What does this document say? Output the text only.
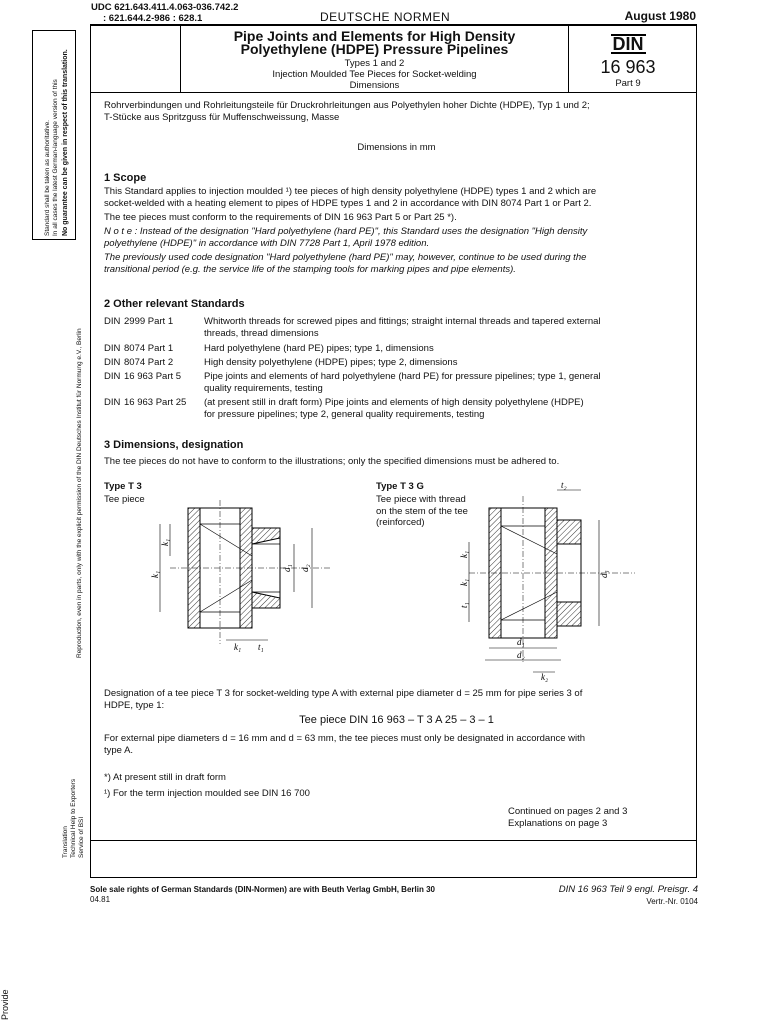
UDC 621.643.411.4.063-036.742.2
: 621.644.2-986 : 628.1	DEUTSCHE NORMEN	August 1980
Pipe Joints and Elements for High Density
Polyethylene (HDPE) Pressure Pipelines
Types 1 and 2
Injection Moulded Tee Pieces for Socket-welding
Dimensions
DIN
16 963
Part 9
No guarantee can be given in respect of this translation.
In all cases the latest German-language version of this
Standard shall be taken as authoritative.
Reproduction, even in parts, only with the explicit permission of the DIN Deutsches Institut für Normung e.V., Berlin
Translation Technical Help to Exporters Service of BSI
Provide
Rohrverbindungen und Rohrleitungsteile für Druckrohrleitungen aus Polyethylen hoher Dichte (HDPE), Typ 1 und 2;
T-Stücke aus Spritzguss für Muffenschweissung, Masse
Dimensions in mm
1 Scope
This Standard applies to injection moulded ¹) tee pieces of high density polyethylene (HDPE) types 1 and 2 which are
socket-welded with a heating element to pipes of HDPE types 1 and 2 in accordance with DIN 8074 Part 1 or Part 2.
The tee pieces must conform to the requirements of DIN 16 963 Part 5 or Part 25 *).
N o t e : Instead of the designation "Hard polyethylene (hard PE)", this Standard uses the designation "High density
polyethylene (HDPE)" in accordance with DIN 7728 Part 1, April 1978 edition.
The previously used code designation "Hard polyethylene (hard PE)" may, however, continue to be used during the
transitional period (e.g. the service life of the stamping tools for marking pipes and pipe elements).
2 Other relevant Standards
DIN 2999 Part 1	Whitworth threads for screwed pipes and fittings; straight internal threads and tapered external
threads, thread dimensions
DIN 8074 Part 1	Hard polyethylene (hard PE) pipes; type 1, dimensions
DIN 8074 Part 2	High density polyethylene (HDPE) pipes; type 2, dimensions
DIN 16 963 Part 5	Pipe joints and elements of hard polyethylene (hard PE) for pressure pipelines; type 1, general
quality requirements, testing
DIN 16 963 Part 25	(at present still in draft form) Pipe joints and elements of high density polyethylene (HDPE)
for pressure pipelines; type 2, general quality requirements, testing
3 Dimensions, designation
The tee pieces do not have to conform to the illustrations; only the specified dimensions must be adhered to.
Type T 3
Tee piece
Type T 3 G
Tee piece with thread
on the stem of the tee
(reinforced)
d₁ d₂
k₁
k₁
k₁ t₁
t₂
d₃
k₁
k₁
t₁
d₁
d₂
k₂
Designation of a tee piece T 3 for socket-welding type A with external pipe diameter d = 25 mm for pipe series 3 of
HDPE, type 1:
Tee piece DIN 16 963 – T 3 A 25 – 3 – 1
For external pipe diameters d = 16 mm and d = 63 mm, the tee pieces must only be designated in accordance with
type A.
*) At present still in draft form
¹) For the term injection moulded see DIN 16 700
Continued on pages 2 and 3
Explanations on page 3
Sole sale rights of German Standards (DIN-Normen) are with Beuth Verlag GmbH, Berlin 30
04.81
DIN 16 963 Teil 9 engl. Preisgr. 4
Vertr.-Nr. 0104
